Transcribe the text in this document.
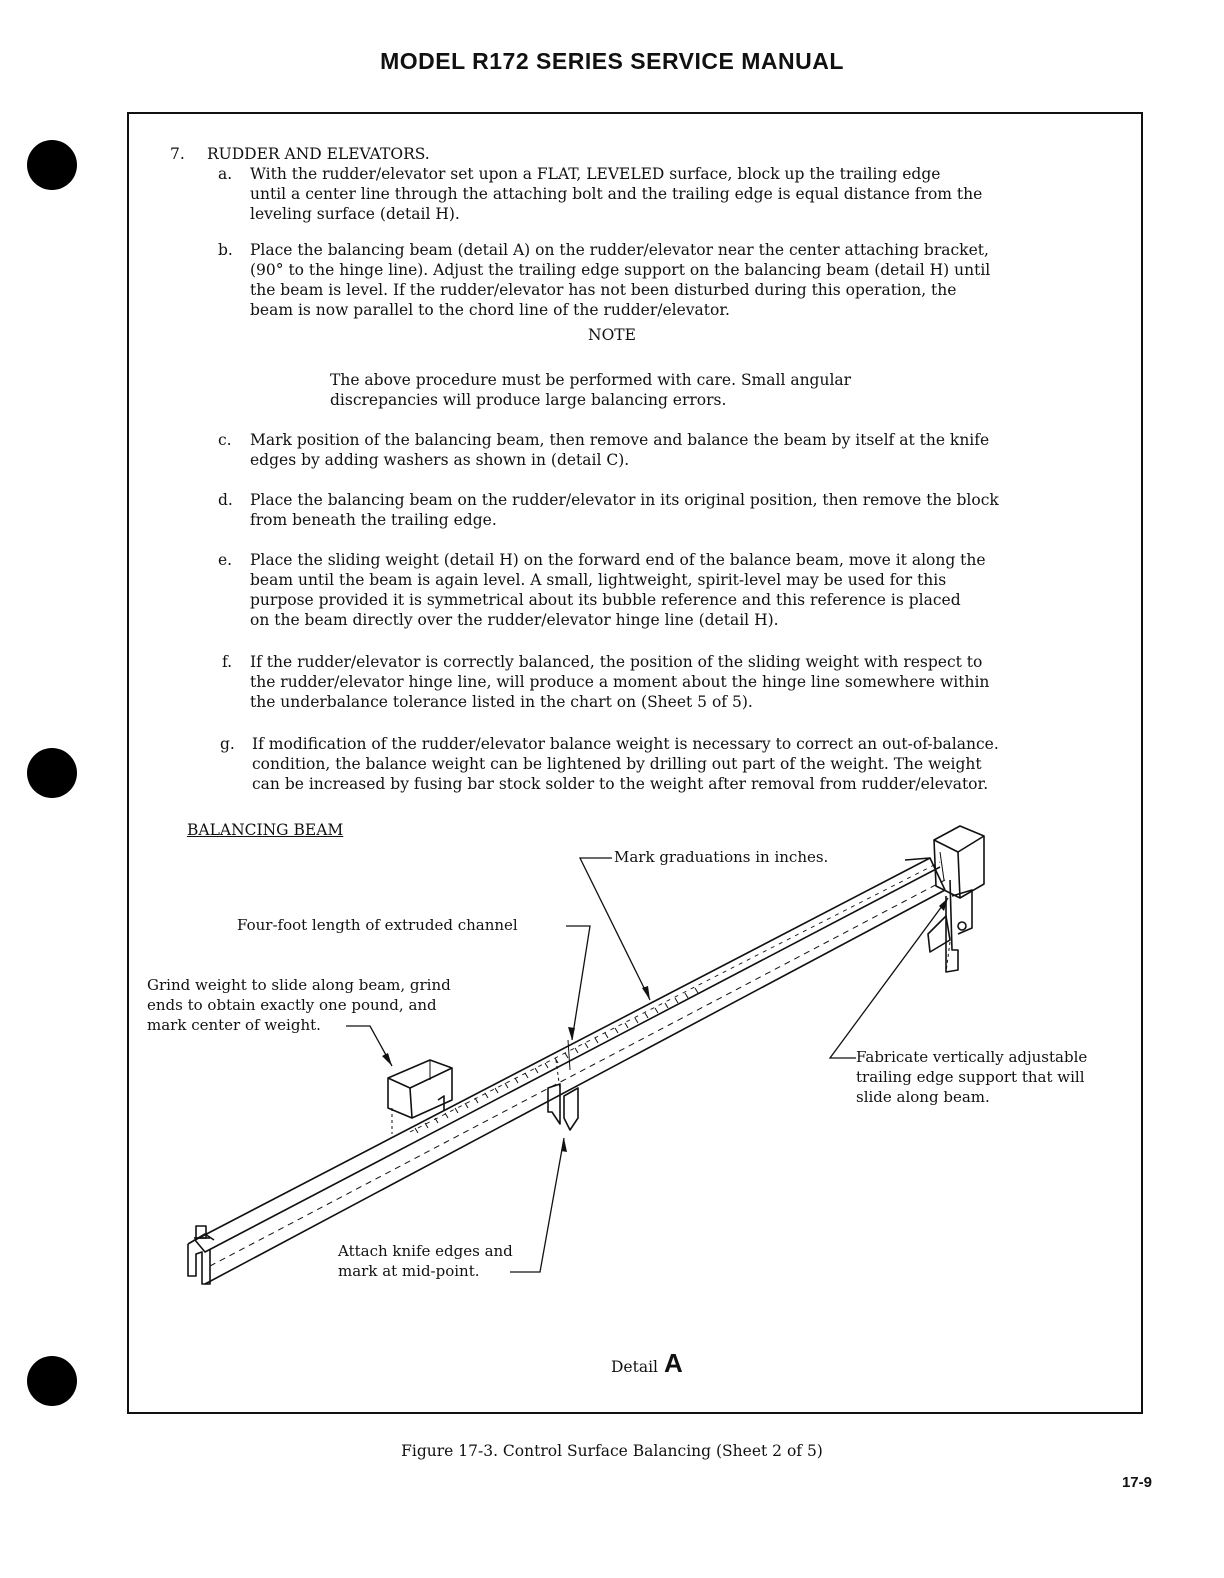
MODEL R172 SERIES SERVICE MANUAL
7. RUDDER AND ELEVATORS.
a. With the rudder/elevator set upon a FLAT, LEVELED surface, block up the trailing edge
until a center line through the attaching bolt and the trailing edge is equal distance from the
leveling surface (detail H).
b. Place the balancing beam (detail A) on the rudder/elevator near the center attaching bracket,
(90° to the hinge line). Adjust the trailing edge support on the balancing beam (detail H) until
the beam is level. If the rudder/elevator has not been disturbed during this operation, the
beam is now parallel to the chord line of the rudder/elevator.
NOTE
The above procedure must be performed with care. Small angular
discrepancies will produce large balancing errors.
c. Mark position of the balancing beam, then remove and balance the beam by itself at the knife
edges by adding washers as shown in (detail C).
d. Place the balancing beam on the rudder/elevator in its original position, then remove the block
from beneath the trailing edge.
e. Place the sliding weight (detail H) on the forward end of the balance beam, move it along the
beam until the beam is again level. A small, lightweight, spirit-level may be used for this
purpose provided it is symmetrical about its bubble reference and this reference is placed
on the beam directly over the rudder/elevator hinge line (detail H).
f. If the rudder/elevator is correctly balanced, the position of the sliding weight with respect to
the rudder/elevator hinge line, will produce a moment about the hinge line somewhere within
the underbalance tolerance listed in the chart on (Sheet 5 of 5).
g. If modification of the rudder/elevator balance weight is necessary to correct an out-of-balance.
condition, the balance weight can be lightened by drilling out part of the weight. The weight
can be increased by fusing bar stock solder to the weight after removal from rudder/elevator.
BALANCING BEAM
Mark graduations in inches.
Four-foot length of extruded channel
Grind weight to slide along beam, grind
ends to obtain exactly one pound, and
mark center of weight.
Fabricate vertically adjustable
trailing edge support that will
slide along beam.
Attach knife edges and
mark at mid-point.
Detail A
Figure 17-3. Control Surface Balancing (Sheet 2 of 5)
17-9
